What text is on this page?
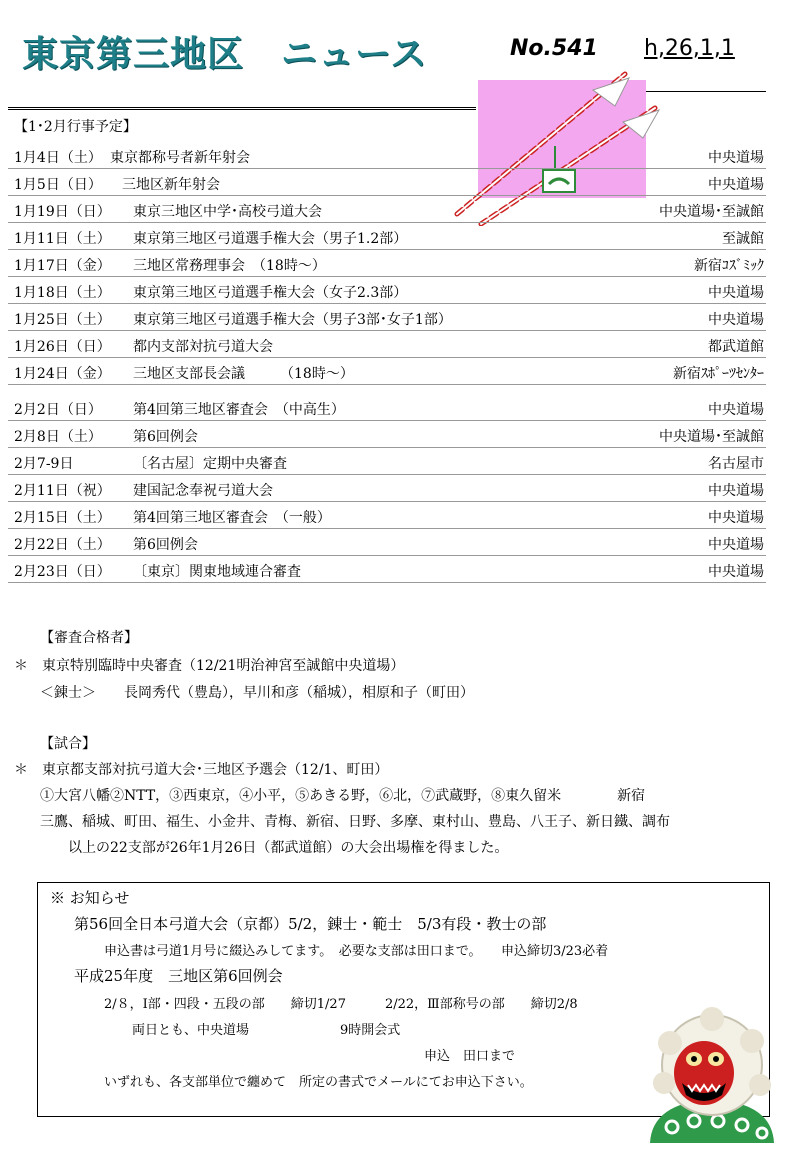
東京第三地区　ニュース	No.541 h,26,1,1
【1･2月行事予定】
1月4日（土） 東京都称号者新年射会	中央道場
1月5日（日） 三地区新年射会	中央道場
1月19日（日） 東京三地区中学･高校弓道大会	中央道場･至誠館
1月11日（土） 東京第三地区弓道選手権大会（男子1.2部）	至誠館
1月17日（金） 三地区常務理事会　（18時～）	新宿ｺｽﾞﾐｯｸ
1月18日（土） 東京第三地区弓道選手権大会（女子2.3部）	中央道場
1月25日（土） 東京第三地区弓道選手権大会（男子3部･女子1部）	中央道場
1月26日（日） 都内支部対抗弓道大会	都武道館
1月24日（金） 三地区支部長会議　　　（18時～）	新宿ｽﾎﾟｰﾂｾﾝﾀｰ
2月2日（日） 第4回第三地区審査会　（中高生）	中央道場
2月8日（土） 第6回例会	中央道場･至誠館
2月7-9日	〔名古屋〕定期中央審査	名古屋市
2月11日（祝） 建国記念奉祝弓道大会	中央道場
2月15日（土） 第4回第三地区審査会　（一般）	中央道場
2月22日（土） 第6回例会	中央道場
2月23日（日） 〔東京〕関東地域連合審査	中央道場
【審査合格者】
＊　東京特別臨時中央審査（12/21明治神宮至誠館中央道場）
＜錬士＞　　長岡秀代（豊島），早川和彦（稲城），相原和子（町田）
【試合】
＊　東京都支部対抗弓道大会･三地区予選会（12/1、町田）
①大宮八幡②NTT，③西東京，④小平，⑤あきる野，⑥北，⑦武蔵野，⑧東久留米　　　　新宿
三鷹、稲城、町田、福生、小金井、青梅、新宿、日野、多摩、東村山、豊島、八王子、新日鐵、調布
以上の22支部が26年1月26日（都武道館）の大会出場権を得ました。
※ お知らせ
第56回全日本弓道大会（京都）5/2，錬士・範士　5/3有段・教士の部
申込書は弓道1月号に綴込みしてます。　必要な支部は田口まで。　　申込締切3/23必着
平成25年度　三地区第6回例会
2/８，Ⅰ部・四段・五段の部　　締切1/27　　　2/22，Ⅲ部称号の部　　締切2/8
両日とも、中央道場　　　　　　　9時開会式
申込　田口まで
いずれも、各支部単位で纏めて　所定の書式でメールにてお申込下さい。
